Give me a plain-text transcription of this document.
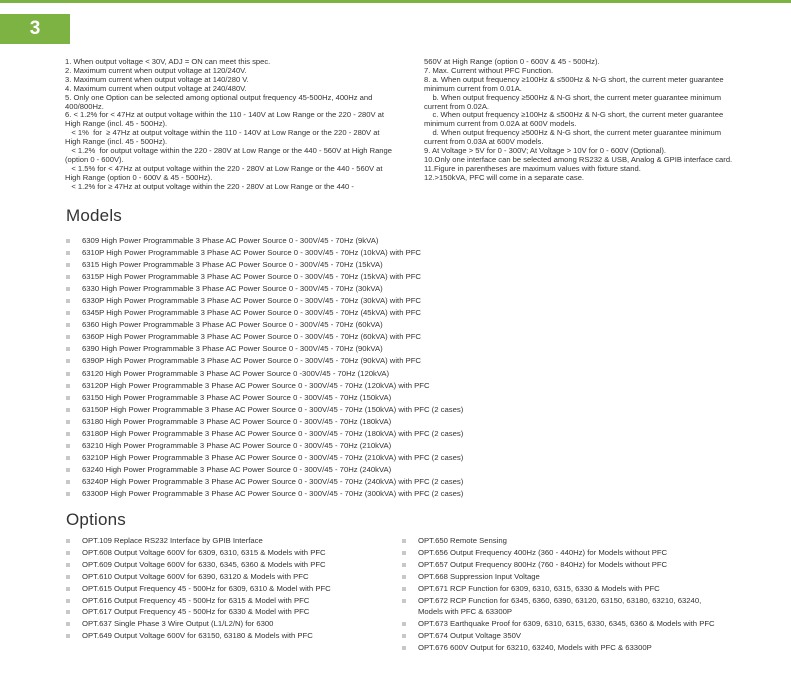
3
1. When output voltage < 30V, ADJ = ON can meet this spec.
2. Maximum current when output voltage at 120/240V.
3. Maximum current when output voltage at 140/280 V.
4. Maximum current when output voltage at 240/480V.
5. Only one Option can be selected among optional output frequency 45-500Hz, 400Hz and 400/800Hz.
6. < 1.2% for < 47Hz at output voltage within the 110 - 140V at Low Range or the 220 - 280V at High Range (incl. 45 - 500Hz).
< 1%  for  ≥ 47Hz at output voltage within the 110 - 140V at Low Range or the 220 - 280V at High Range (incl. 45 - 500Hz).
< 1.2%  for output voltage within the 220 - 280V at Low Range or the 440 - 560V at High Range (option 0 - 600V).
< 1.5% for < 47Hz at output voltage within the 220 - 280V at Low Range or the 440 - 560V at High Range (option 0 - 600V & 45 - 500Hz).
< 1.2% for ≥ 47Hz at output voltage within the 220 - 280V at Low Range or the 440 -
560V at High Range (option 0 - 600V & 45 - 500Hz).
7. Max. Current without PFC Function.
8. a. When output frequency ≥100Hz & ≤500Hz & N-G short, the current meter guarantee minimum current from 0.01A.
b. When output frequency ≥500Hz & N-G short, the current meter guarantee minimum current from 0.02A.
c. When output frequency ≥100Hz & ≤500Hz & N-G short, the current meter guarantee minimum current from 0.02A at 600V models.
d. When output frequency ≥500Hz & N-G short, the current meter guarantee minimum current from 0.03A at 600V models.
9. At Voltage > 5V for 0 - 300V; At Voltage > 10V for 0 - 600V (Optional).
10.Only one interface can be selected among RS232 & USB, Analog & GPIB interface card.
11.Figure in parentheses are maximum values with fixture stand.
12.>150kVA, PFC will come in a separate case.
Models
6309 High Power Programmable 3 Phase AC Power Source 0 - 300V/45 - 70Hz (9kVA)
6310P High Power Programmable 3 Phase AC Power Source 0 - 300V/45 - 70Hz (10kVA) with PFC
6315 High Power Programmable 3 Phase AC Power Source 0 - 300V/45 - 70Hz (15kVA)
6315P High Power Programmable 3 Phase AC Power Source 0 - 300V/45 - 70Hz (15kVA) with PFC
6330 High Power Programmable 3 Phase AC Power Source 0 - 300V/45 - 70Hz (30kVA)
6330P High Power Programmable 3 Phase AC Power Source 0 - 300V/45 - 70Hz (30kVA) with PFC
6345P High Power Programmable 3 Phase AC Power Source 0 - 300V/45 - 70Hz (45kVA) with PFC
6360 High Power Programmable 3 Phase AC Power Source 0 - 300V/45 - 70Hz (60kVA)
6360P High Power Programmable 3 Phase AC Power Source 0 - 300V/45 - 70Hz (60kVA) with PFC
6390 High Power Programmable 3 Phase AC Power Source 0 - 300V/45 - 70Hz (90kVA)
6390P High Power Programmable 3 Phase AC Power Source 0 - 300V/45 - 70Hz (90kVA) with PFC
63120 High Power Programmable 3 Phase AC Power Source 0 -300V/45 - 70Hz (120kVA)
63120P High Power Programmable 3 Phase AC Power Source 0 - 300V/45 - 70Hz (120kVA) with PFC
63150 High Power Programmable 3 Phase AC Power Source 0 - 300V/45 - 70Hz (150kVA)
63150P High Power Programmable 3 Phase AC Power Source 0 - 300V/45 - 70Hz (150kVA) with PFC (2 cases)
63180 High Power Programmable 3 Phase AC Power Source 0 - 300V/45 - 70Hz (180kVA)
63180P High Power Programmable 3 Phase AC Power Source 0 - 300V/45 - 70Hz (180kVA) with PFC (2 cases)
63210 High Power Programmable 3 Phase AC Power Source 0 - 300V/45 - 70Hz (210kVA)
63210P High Power Programmable 3 Phase AC Power Source 0 - 300V/45 - 70Hz (210kVA) with PFC (2 cases)
63240 High Power Programmable 3 Phase AC Power Source 0 - 300V/45 - 70Hz (240kVA)
63240P High Power Programmable 3 Phase AC Power Source 0 - 300V/45 - 70Hz (240kVA) with PFC (2 cases)
63300P High Power Programmable 3 Phase AC Power Source 0 - 300V/45 - 70Hz (300kVA) with PFC (2 cases)
Options
OPT.109 Replace RS232 Interface by GPIB Interface
OPT.608 Output Voltage 600V for 6309, 6310, 6315 & Models with PFC
OPT.609 Output Voltage 600V for 6330, 6345, 6360 & Models with PFC
OPT.610 Output Voltage 600V for 6390, 63120 & Models with PFC
OPT.615 Output Frequency 45 - 500Hz for 6309, 6310 & Model with PFC
OPT.616 Output Frequency 45 - 500Hz for 6315 & Model with PFC
OPT.617 Output Frequency 45 - 500Hz for 6330 & Model with PFC
OPT.637 Single Phase 3 Wire Output (L1/L2/N) for 6300
OPT.649 Output Voltage 600V for 63150, 63180 & Models with PFC
OPT.650 Remote Sensing
OPT.656 Output Frequency 400Hz (360 - 440Hz) for Models without PFC
OPT.657 Output Frequency 800Hz (760 - 840Hz) for Models without PFC
OPT.668 Suppression Input Voltage
OPT.671 RCP Function for 6309, 6310, 6315, 6330 & Models with PFC
OPT.672 RCP Function for 6345, 6360, 6390, 63120, 63150, 63180, 63210, 63240, Models with PFC & 63300P
OPT.673 Earthquake Proof for 6309, 6310, 6315, 6330, 6345, 6360 & Models with PFC
OPT.674 Output Voltage 350V
OPT.676 600V Output for 63210, 63240, Models with PFC & 63300P
